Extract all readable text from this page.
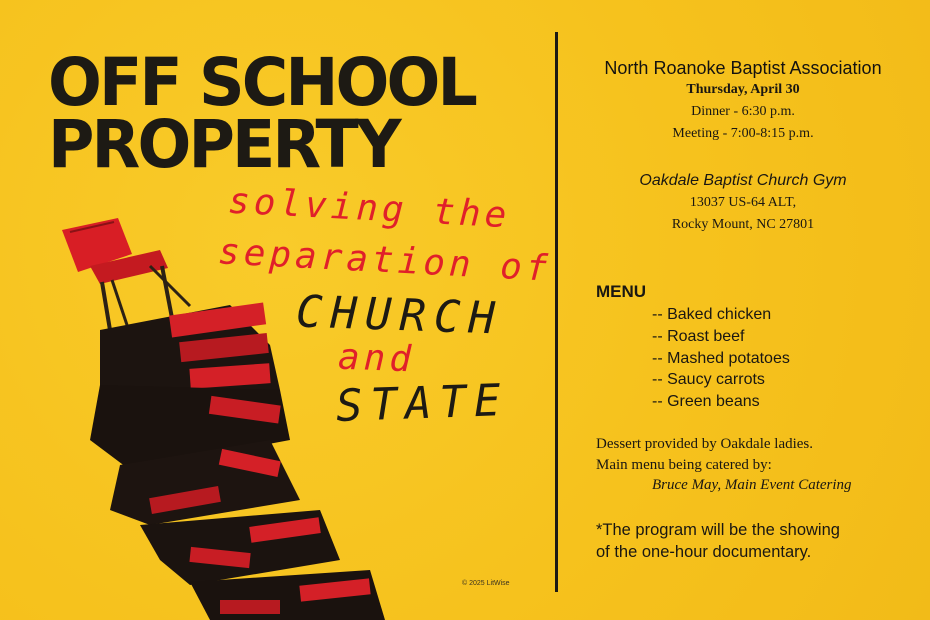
OFF SCHOOL
PROPERTY
solving the
separation of
CHURCH
and
STATE
© 2025 LitWise
North Roanoke Baptist Association
Thursday, April 30
Dinner - 6:30 p.m.
Meeting - 7:00-8:15 p.m.
Oakdale Baptist Church Gym
13037 US-64 ALT,
Rocky Mount, NC 27801
MENU
-- Baked chicken
-- Roast beef
-- Mashed potatoes
-- Saucy carrots
-- Green beans
Dessert provided by Oakdale ladies.
Main menu being catered by:
Bruce May, Main Event Catering
*The program will be the showing
of the one-hour documentary.
